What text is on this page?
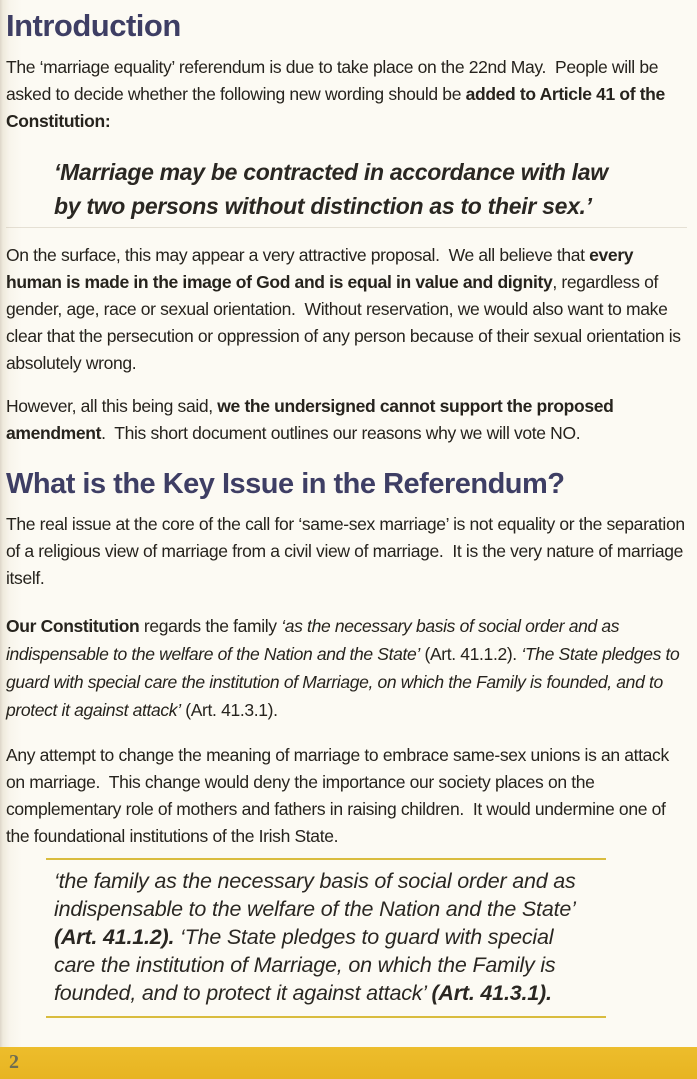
Introduction

The ‘marriage equality’ referendum is due to take place on the 22nd May.  People will be asked to decide whether the following new wording should be added to Article 41 of the Constitution:

‘Marriage may be contracted in accordance with law
by two persons without distinction as to their sex.’

On the surface, this may appear a very attractive proposal.  We all believe that every human is made in the image of God and is equal in value and dignity, regardless of gender, age, race or sexual orientation.  Without reservation, we would also want to make clear that the persecution or oppression of any person because of their sexual orientation is absolutely wrong.

However, all this being said, we the undersigned cannot support the proposed amendment.  This short document outlines our reasons why we will vote NO.

What is the Key Issue in the Referendum?

The real issue at the core of the call for ‘same-sex marriage’ is not equality or the separation of a religious view of marriage from a civil view of marriage.  It is the very nature of marriage itself.

Our Constitution regards the family ‘as the necessary basis of social order and as indispensable to the welfare of the Nation and the State’ (Art. 41.1.2). ‘The State pledges to guard with special care the institution of Marriage, on which the Family is founded, and to protect it against attack’ (Art. 41.3.1).

Any attempt to change the meaning of marriage to embrace same-sex unions is an attack on marriage.  This change would deny the importance our society places on the complementary role of mothers and fathers in raising children.  It would undermine one of the foundational institutions of the Irish State.

‘the family as the necessary basis of social order and as indispensable to the welfare of the Nation and the State’ (Art. 41.1.2). ‘The State pledges to guard with special care the institution of Marriage, on which the Family is founded, and to protect it against attack’ (Art. 41.3.1).
2
